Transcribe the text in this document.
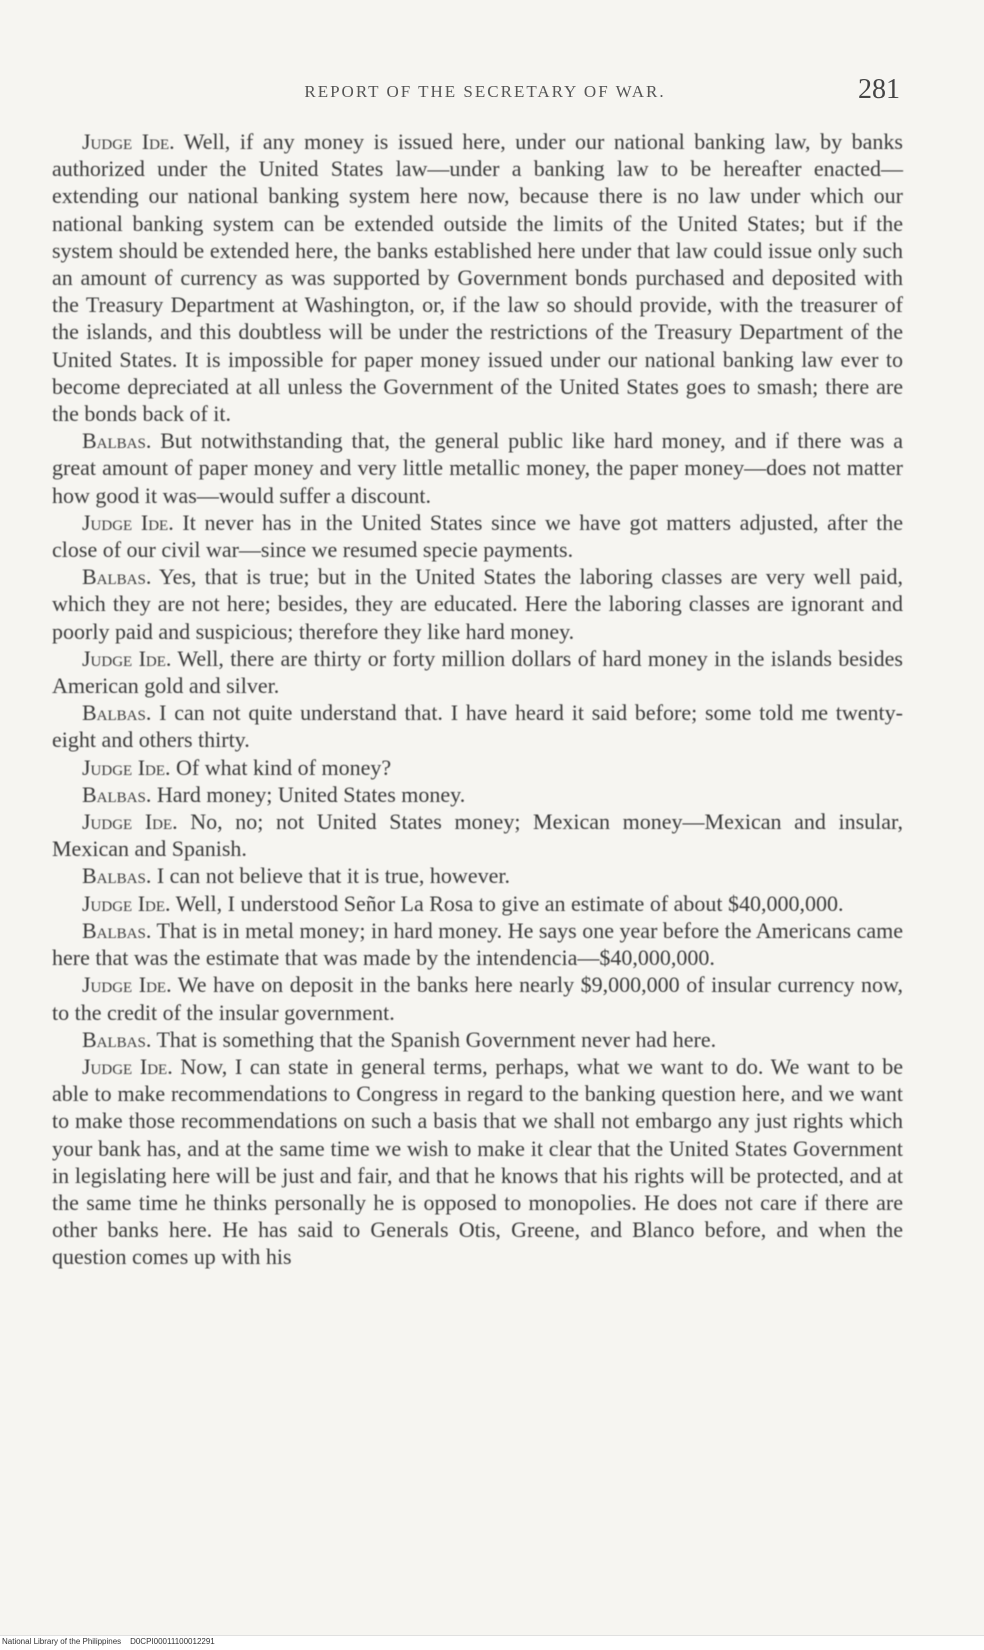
REPORT OF THE SECRETARY OF WAR.	281

Judge Ide. Well, if any money is issued here, under our national banking law, by banks authorized under the United States law—under a banking law to be hereafter enacted—extending our national banking system here now, because there is no law under which our national banking system can be extended outside the limits of the United States; but if the system should be extended here, the banks established here under that law could issue only such an amount of currency as was supported by Government bonds purchased and deposited with the Treasury Department at Washington, or, if the law so should provide, with the treasurer of the islands, and this doubtless will be under the restrictions of the Treasury Department of the United States. It is impossible for paper money issued under our national banking law ever to become depreciated at all unless the Government of the United States goes to smash; there are the bonds back of it.

Balbas. But notwithstanding that, the general public like hard money, and if there was a great amount of paper money and very little metallic money, the paper money—does not matter how good it was—would suffer a discount.

Judge Ide. It never has in the United States since we have got matters adjusted, after the close of our civil war—since we resumed specie payments.

Balbas. Yes, that is true; but in the United States the laboring classes are very well paid, which they are not here; besides, they are educated. Here the laboring classes are ignorant and poorly paid and suspicious; therefore they like hard money.

Judge Ide. Well, there are thirty or forty million dollars of hard money in the islands besides American gold and silver.

Balbas. I can not quite understand that. I have heard it said before; some told me twenty-eight and others thirty.

Judge Ide. Of what kind of money?

Balbas. Hard money; United States money.

Judge Ide. No, no; not United States money; Mexican money—Mexican and insular, Mexican and Spanish.

Balbas. I can not believe that it is true, however.

Judge Ide. Well, I understood Señor La Rosa to give an estimate of about $40,000,000.

Balbas. That is in metal money; in hard money. He says one year before the Americans came here that was the estimate that was made by the intendencia—$40,000,000.

Judge Ide. We have on deposit in the banks here nearly $9,000,000 of insular currency now, to the credit of the insular government.

Balbas. That is something that the Spanish Government never had here.

Judge Ide. Now, I can state in general terms, perhaps, what we want to do. We want to be able to make recommendations to Congress in regard to the banking question here, and we want to make those recommendations on such a basis that we shall not embargo any just rights which your bank has, and at the same time we wish to make it clear that the United States Government in legislating here will be just and fair, and that he knows that his rights will be protected, and at the same time he thinks personally he is opposed to monopolies. He does not care if there are other banks here. He has said to Generals Otis, Greene, and Blanco before, and when the question comes up with his

National Library of the Philippines    D0CPI00011100012291
